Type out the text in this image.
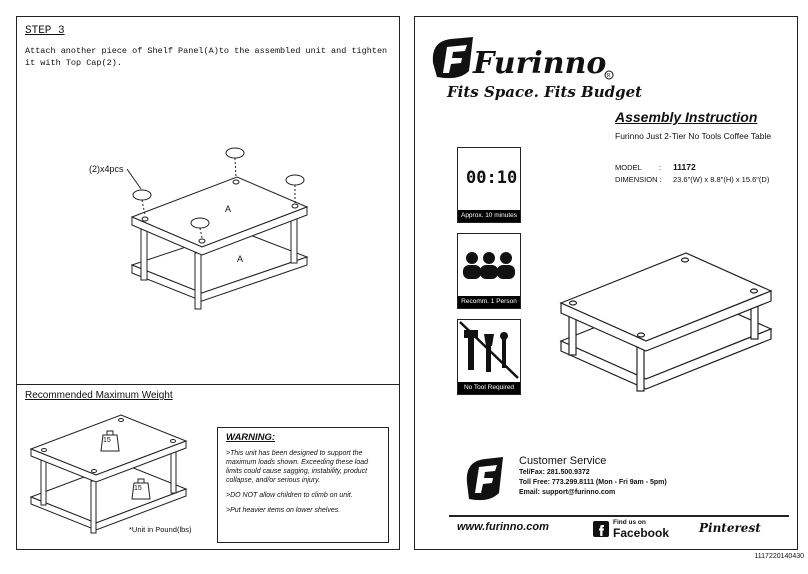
STEP 3
Attach another piece of Shelf Panel(A)to the assembled unit and tighten it with Top Cap(2).
(2)x4pcs
A
A
Recommended Maximum Weight
15
15
*Unit in Pound(lbs)
WARNING:
>This unit has been designed to support the maximum loads shown. Exceeding these load limits could cause sagging, instability, product collapse, and/or serious injury.
>DO NOT allow children to climb on unit.
>Put heavier items on lower shelves.
Furinno R
Fits Space. Fits Budget
Assembly Instruction
Furinno Just 2-Tier No Tools Coffee Table
MODEL : 11172
DIMENSION : 23.6"(W) x 8.8"(H) x 15.6"(D)
00:10
Approx. 10 minutes
Recomm. 1 Person
No Tool Required
Customer Service
Tel/Fax: 281.500.9372
Toll Free: 773.299.8111 (Mon - Fri 9am - 5pm)
Email: support@furinno.com
www.furinno.com	Find us on
Facebook Pinterest
1117220140430
